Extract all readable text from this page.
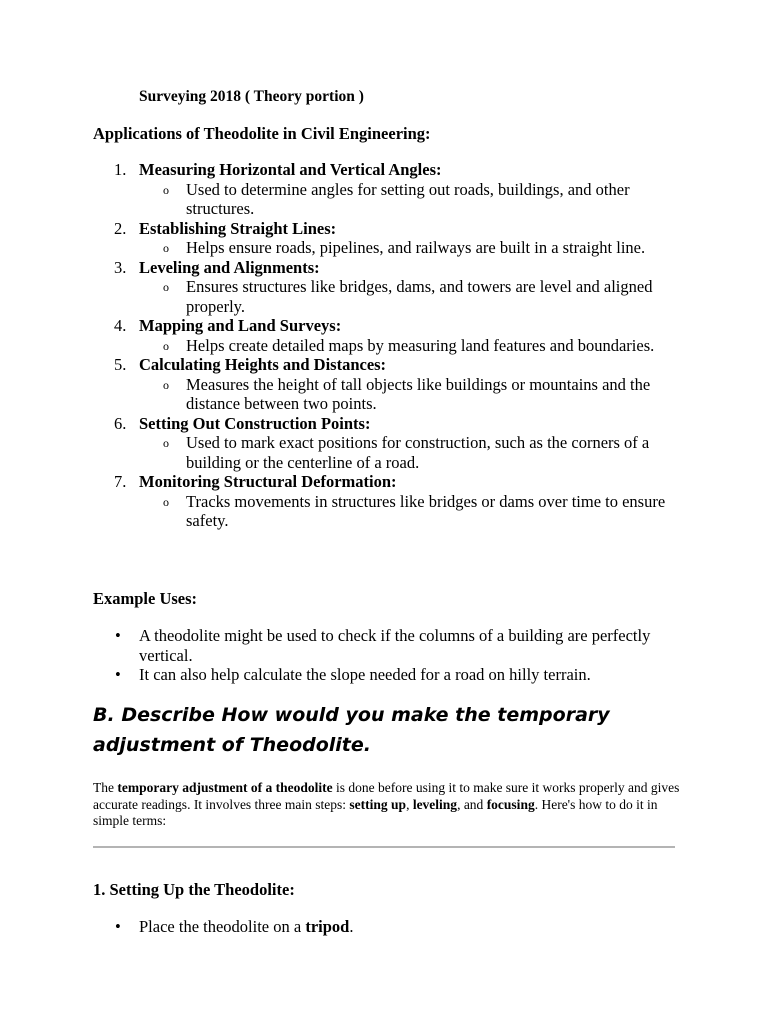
Surveying 2018 ( Theory portion )
Applications of Theodolite in Civil Engineering:
1. Measuring Horizontal and Vertical Angles:
o Used to determine angles for setting out roads, buildings, and other structures.
2. Establishing Straight Lines:
o Helps ensure roads, pipelines, and railways are built in a straight line.
3. Leveling and Alignments:
o Ensures structures like bridges, dams, and towers are level and aligned properly.
4. Mapping and Land Surveys:
o Helps create detailed maps by measuring land features and boundaries.
5. Calculating Heights and Distances:
o Measures the height of tall objects like buildings or mountains and the distance between two points.
6. Setting Out Construction Points:
o Used to mark exact positions for construction, such as the corners of a building or the centerline of a road.
7. Monitoring Structural Deformation:
o Tracks movements in structures like bridges or dams over time to ensure safety.
Example Uses:
• A theodolite might be used to check if the columns of a building are perfectly vertical.
• It can also help calculate the slope needed for a road on hilly terrain.
B. Describe How would you make the temporary adjustment of Theodolite.

The temporary adjustment of a theodolite is done before using it to make sure it works properly and gives accurate readings. It involves three main steps: setting up, leveling, and focusing. Here's how to do it in simple terms:

1. Setting Up the Theodolite:
• Place the theodolite on a tripod.
